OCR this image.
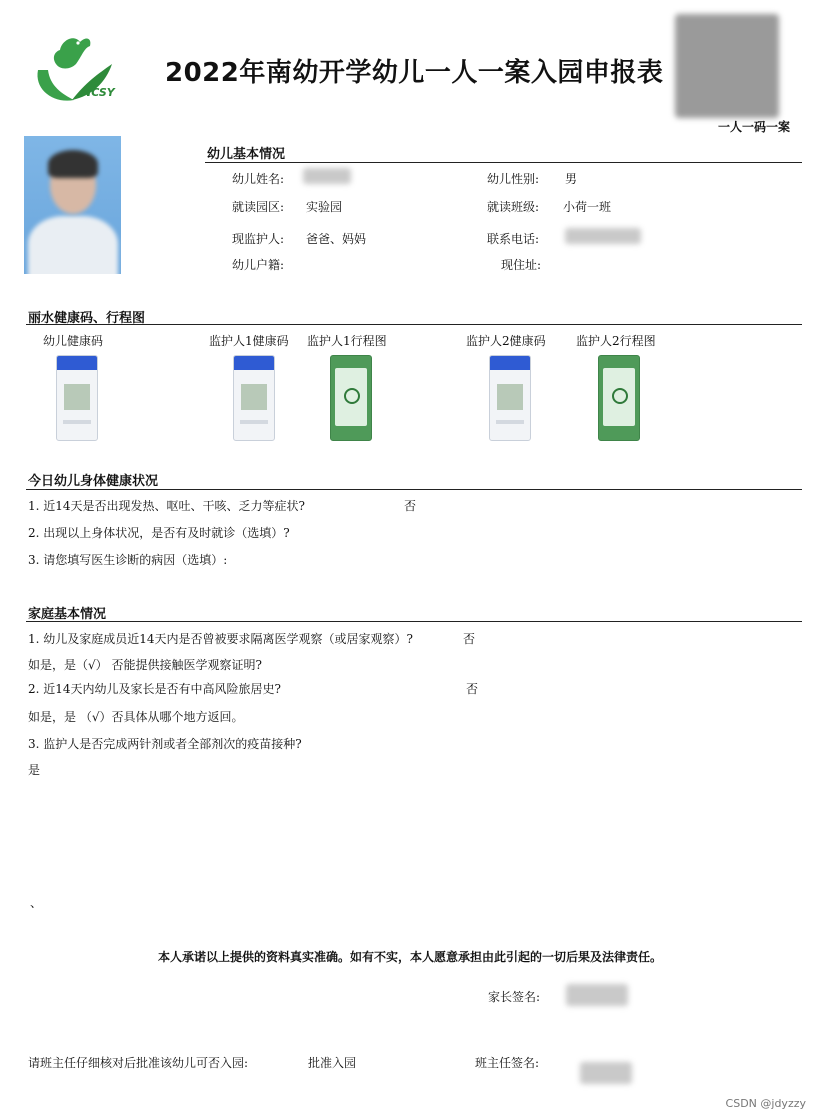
NCSY
2022年南幼开学幼儿一人一案入园申报表
一人一码一案
幼儿基本情况
幼儿姓名:	幼儿性别: 男
就读园区: 实验园	就读班级: 小荷一班
现监护人: 爸爸、妈妈	联系电话:
幼儿户籍:	现住址:
丽水健康码、行程图
幼儿健康码	监护人1健康码 监护人1行程图	监护人2健康码	监护人2行程图
今日幼儿身体健康状况
1. 近14天是否出现发热、呕吐、干咳、乏力等症状?	否
2. 出现以上身体状况，是否有及时就诊（选填）?
3. 请您填写医生诊断的病因（选填）:
家庭基本情况
1. 幼儿及家庭成员近14天内是否曾被要求隔离医学观察（或居家观察）?	否
如是，是（√） 否能提供接触医学观察证明?
2. 近14天内幼儿及家长是否有中高风险旅居史?	否
如是，是 （√）否具体从哪个地方返回。
3. 监护人是否完成两针剂或者全部剂次的疫苗接种?
是
、
本人承诺以上提供的资料真实准确。如有不实，本人愿意承担由此引起的一切后果及法律责任。
家长签名:
请班主任仔细核对后批准该幼儿可否入园:	批准入园	班主任签名:
CSDN @jdyzzy
